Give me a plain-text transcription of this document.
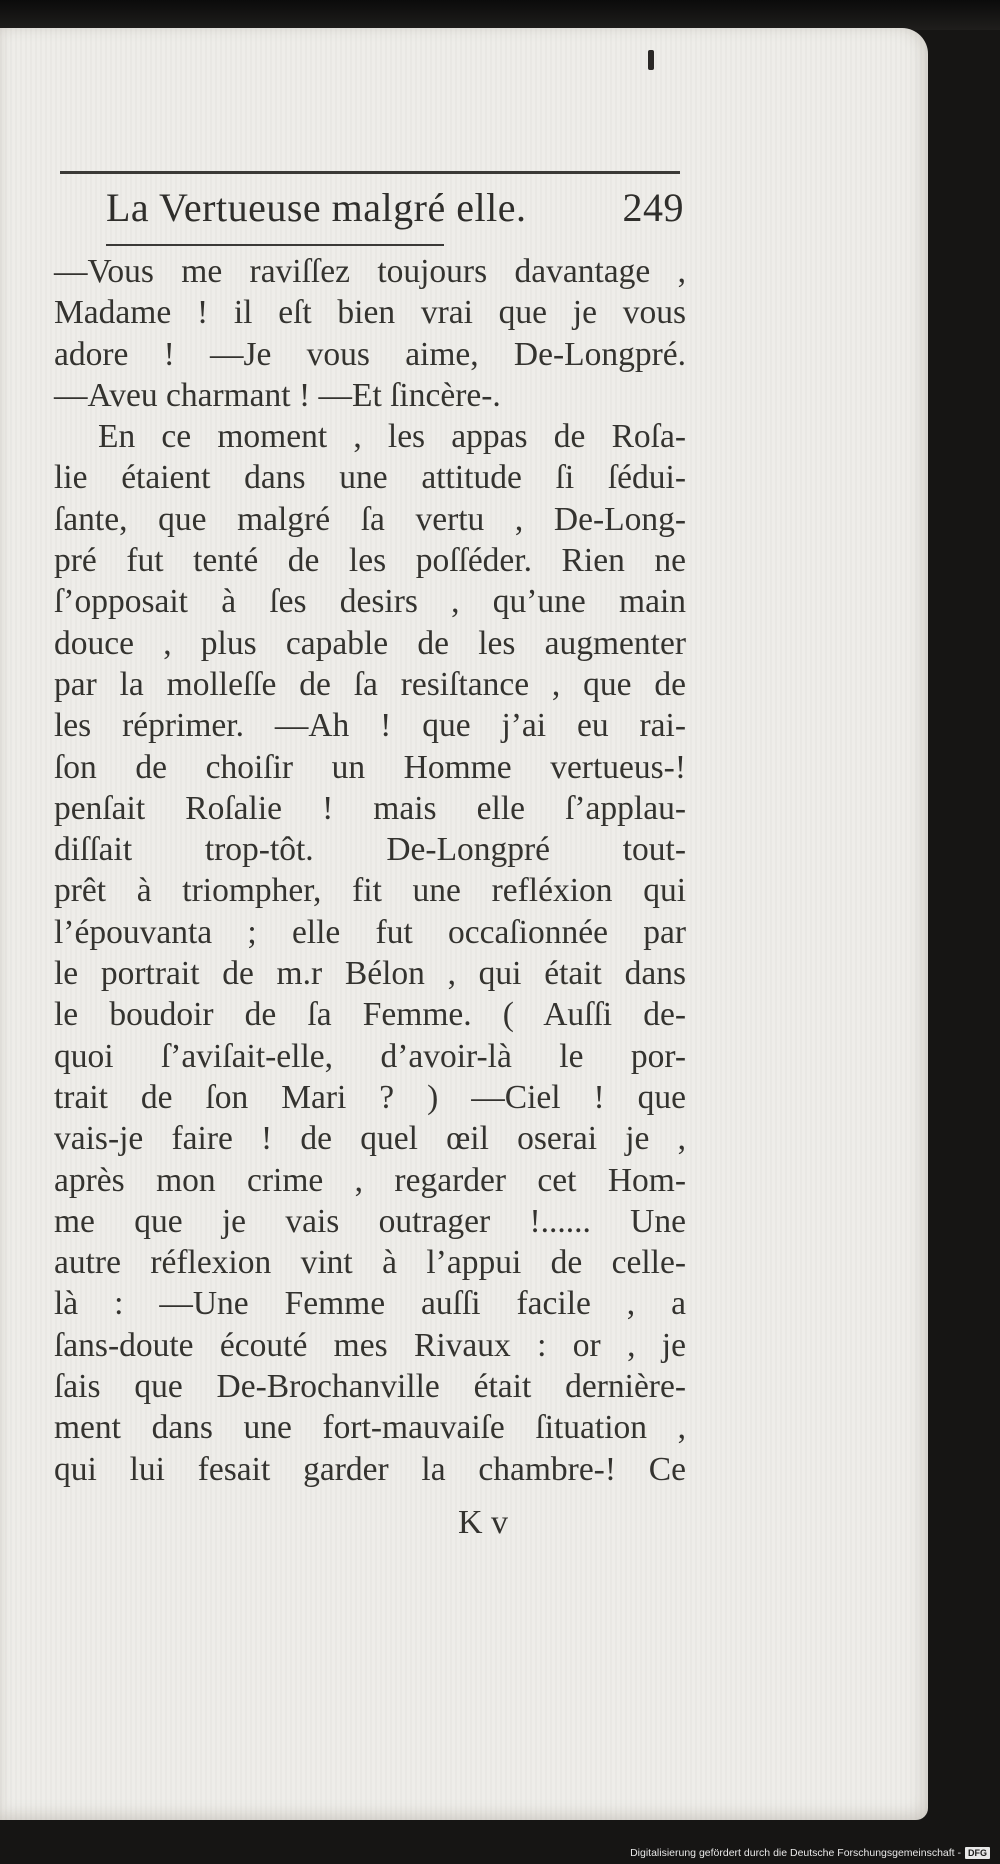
La Vertueuse malgré elle. 249
—Vous me raviſſez toujours davantage ,
Madame ! il eſt bien vrai que je vous
adore ! —Je vous aime, De-Longpré.
—Aveu charmant ! —Et ſincère-.
En ce moment , les appas de Roſa-
lie étaient dans une attitude ſi ſédui-
ſante, que malgré ſa vertu , De-Long-
pré fut tenté de les poſſéder. Rien ne
ſ’opposait à ſes desirs , qu’une main
douce , plus capable de les augmenter
par la molleſſe de ſa resiſtance , que de
les réprimer. —Ah ! que j’ai eu rai-
ſon de choiſir un Homme vertueus-!
penſait Roſalie ! mais elle ſ’applau-
diſſait trop-tôt. De-Longpré tout-
prêt à triompher, fit une refléxion qui
l’épouvanta ; elle fut occaſionnée par
le portrait de m.r Bélon , qui était dans
le boudoir de ſa Femme. ( Auſſi de-
quoi ſ’aviſait-elle, d’avoir-là le por-
trait de ſon Mari ? ) —Ciel ! que
vais-je faire ! de quel œil oserai je ,
après mon crime , regarder cet Hom-
me que je vais outrager !...... Une
autre réflexion vint à l’appui de celle-
là : —Une Femme auſſi facile , a
ſans-doute écouté mes Rivaux : or , je
ſais que De-Brochanville était dernière-
ment dans une fort-mauvaiſe ſituation ,
qui lui fesait garder la chambre-! Ce
K v
Digitalisierung gefördert durch die Deutsche Forschungsgemeinschaft - DFG
